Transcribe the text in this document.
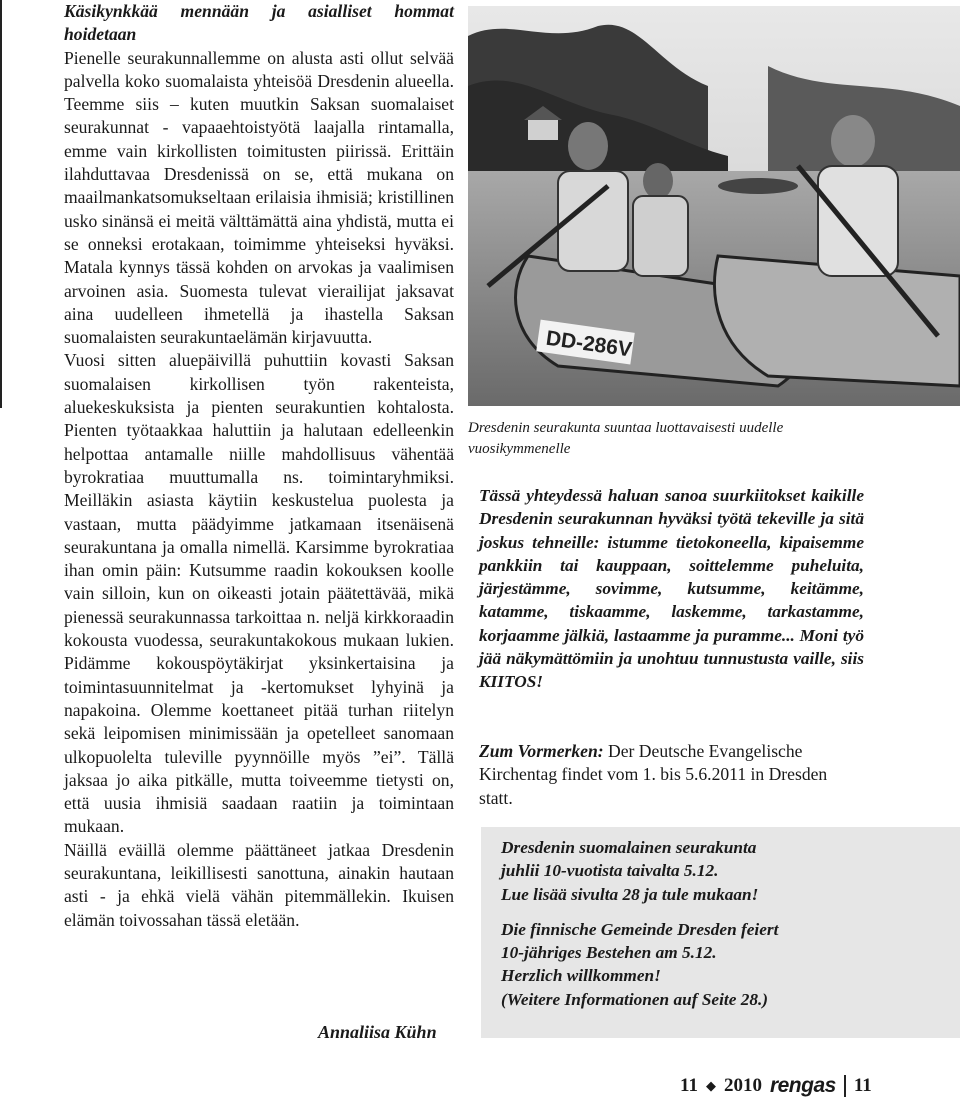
Käsikynkkää mennään ja asialliset hommat hoidetaan

Pienelle seurakunnallemme on alusta asti ollut selvää palvella koko suomalaista yhteisöä Dresdenin alueella. Teemme siis – kuten muutkin Saksan suomalaiset seurakunnat - vapaaehtoistyötä laajalla rintamalla, emme vain kirkollisten toimitusten piirissä. Erittäin ilahduttavaa Dresdenissä on se, että mukana on maailmankatsomukseltaan erilaisia ihmisiä; kristillinen usko sinänsä ei meitä välttämättä aina yhdistä, mutta ei se onneksi erotakaan, toimimme yhteiseksi hyväksi. Matala kynnys tässä kohden on arvokas ja vaalimisen arvoinen asia. Suomesta tulevat vierailijat jaksavat aina uudelleen ihmetellä ja ihastella Saksan suomalaisten seurakuntaelämän kirjavuutta.

Vuosi sitten aluepäivillä puhuttiin kovasti Saksan suomalaisen kirkollisen työn rakenteista, aluekeskuksista ja pienten seurakuntien kohtalosta. Pienten työtaakkaa haluttiin ja halutaan edelleenkin helpottaa antamalle niille mahdollisuus vähentää byrokratiaa muuttumalla ns. toimintaryhmiksi. Meilläkin asiasta käytiin keskustelua puolesta ja vastaan, mutta päädyimme jatkamaan itsenäisenä seurakuntana ja omalla nimellä. Karsimme byrokratiaa ihan omin päin: Kutsumme raadin kokouksen koolle vain silloin, kun on oikeasti jotain päätettävää, mikä pienessä seurakunnassa tarkoittaa n. neljä kirkkoraadin kokousta vuodessa, seurakuntakokous mukaan lukien. Pidämme kokouspöytäkirjat yksinkertaisina ja toimintasuunnitelmat ja -kertomukset lyhyinä ja napakoina. Olemme koettaneet pitää turhan riitelyn sekä leipomisen minimissään ja opetelleet sanomaan ulkopuolelta tuleville pyynnöille myös ”ei”. Tällä jaksaa jo aika pitkälle, mutta toiveemme tietysti on, että uusia ihmisiä saadaan raatiin ja toimintaan mukaan.

Näillä eväillä olemme päättäneet jatkaa Dresdenin seurakuntana, leikillisesti sanottuna, ainakin hautaan asti - ja ehkä vielä vähän pitemmällekin. Ikuisen elämän toivossahan tässä eletään.

Annaliisa Kühn
DD-286V
Dresdenin seurakunta suuntaa luottavaisesti uudelle vuosikymmenelle
Tässä yhteydessä haluan sanoa suurkiitokset kaikille Dresdenin seurakunnan hyväksi työtä tekeville ja sitä joskus tehneille: istumme tietokoneella, kipaisemme pankkiin tai kauppaan, soittelemme puheluita, järjestämme, sovimme, kutsumme, keitämme, katamme, tiskaamme, laskemme, tarkastamme, korjaamme jälkiä, lastaamme ja puramme... Moni työ jää näkymättömiin ja unohtuu tunnustusta vaille, siis KIITOS!
Zum Vormerken: Der Deutsche Evangelische Kirchentag findet vom 1. bis 5.6.2011 in Dresden statt.

Dresdenin suomalainen seurakunta

juhlii 10-vuotista taivalta 5.12.

Lue lisää sivulta 28 ja tule mukaan!

Die finnische Gemeinde Dresden feiert

10-jähriges Bestehen am 5.12.

Herzlich willkommen!

(Weitere Informationen auf Seite 28.)

11 ◆ 2010 rengas 11
